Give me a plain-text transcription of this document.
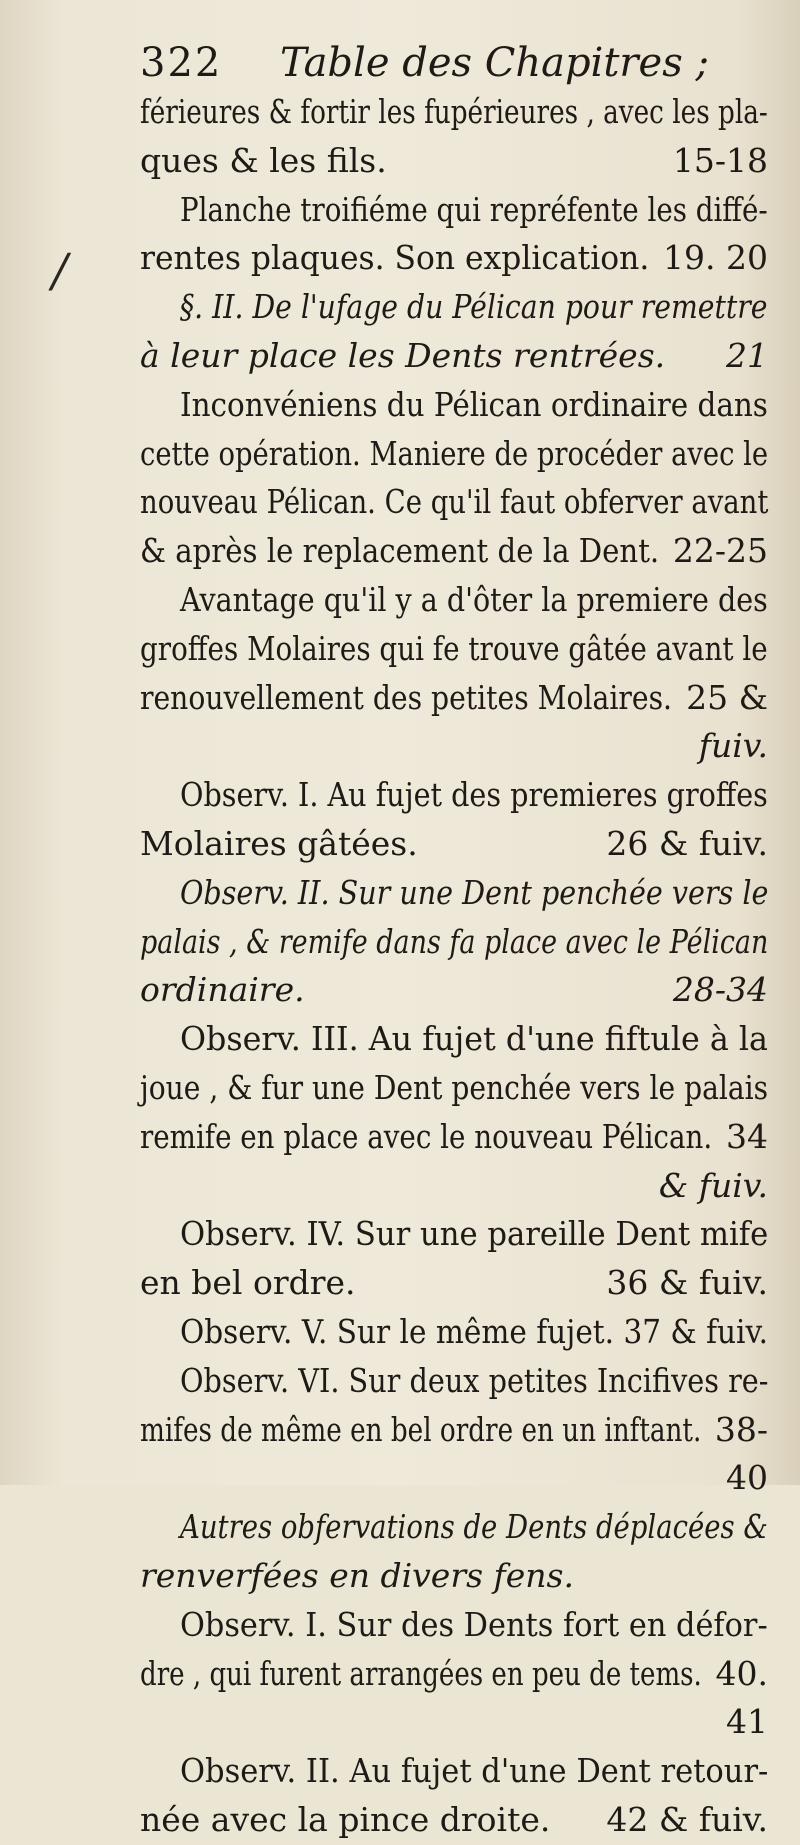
322 Table des Chapitres ;
/
férieures & fortir les fupérieures , avec les pla-
ques & les fils.	15-18
Planche troifiéme qui repréfente les diffé-
rentes plaques. Son explication. 19. 20
§. II. De l'ufage du Pélican pour remettre
à leur place les Dents rentrées. 21
Inconvéniens du Pélican ordinaire dans
cette opération. Maniere de procéder avec le
nouveau Pélican. Ce qu'il faut obferver avant
& après le replacement de la Dent. 22-25
Avantage qu'il y a d'ôter la premiere des
groffes Molaires qui fe trouve gâtée avant le
renouvellement des petites Molaires. 25 &
fuiv.
Observ. I. Au fujet des premieres groffes
Molaires gâtées.	26 & fuiv.
Observ. II. Sur une Dent penchée vers le
palais , & remife dans fa place avec le Pélican
ordinaire.	28-34
Observ. III. Au fujet d'une fiftule à la
joue , & fur une Dent penchée vers le palais
remife en place avec le nouveau Pélican. 34
& fuiv.
Observ. IV. Sur une pareille Dent mife
en bel ordre.	36 & fuiv.
Observ. V. Sur le même fujet. 37 & fuiv.
Observ. VI. Sur deux petites Incifives re-
mifes de même en bel ordre en un inftant. 38-
40
Autres obfervations de Dents déplacées &
renverfées en divers fens.
Observ. I. Sur des Dents fort en défor-
dre , qui furent arrangées en peu de tems. 40.
41
Observ. II. Au fujet d'une Dent retour-
née avec la pince droite. 42 & fuiv.
